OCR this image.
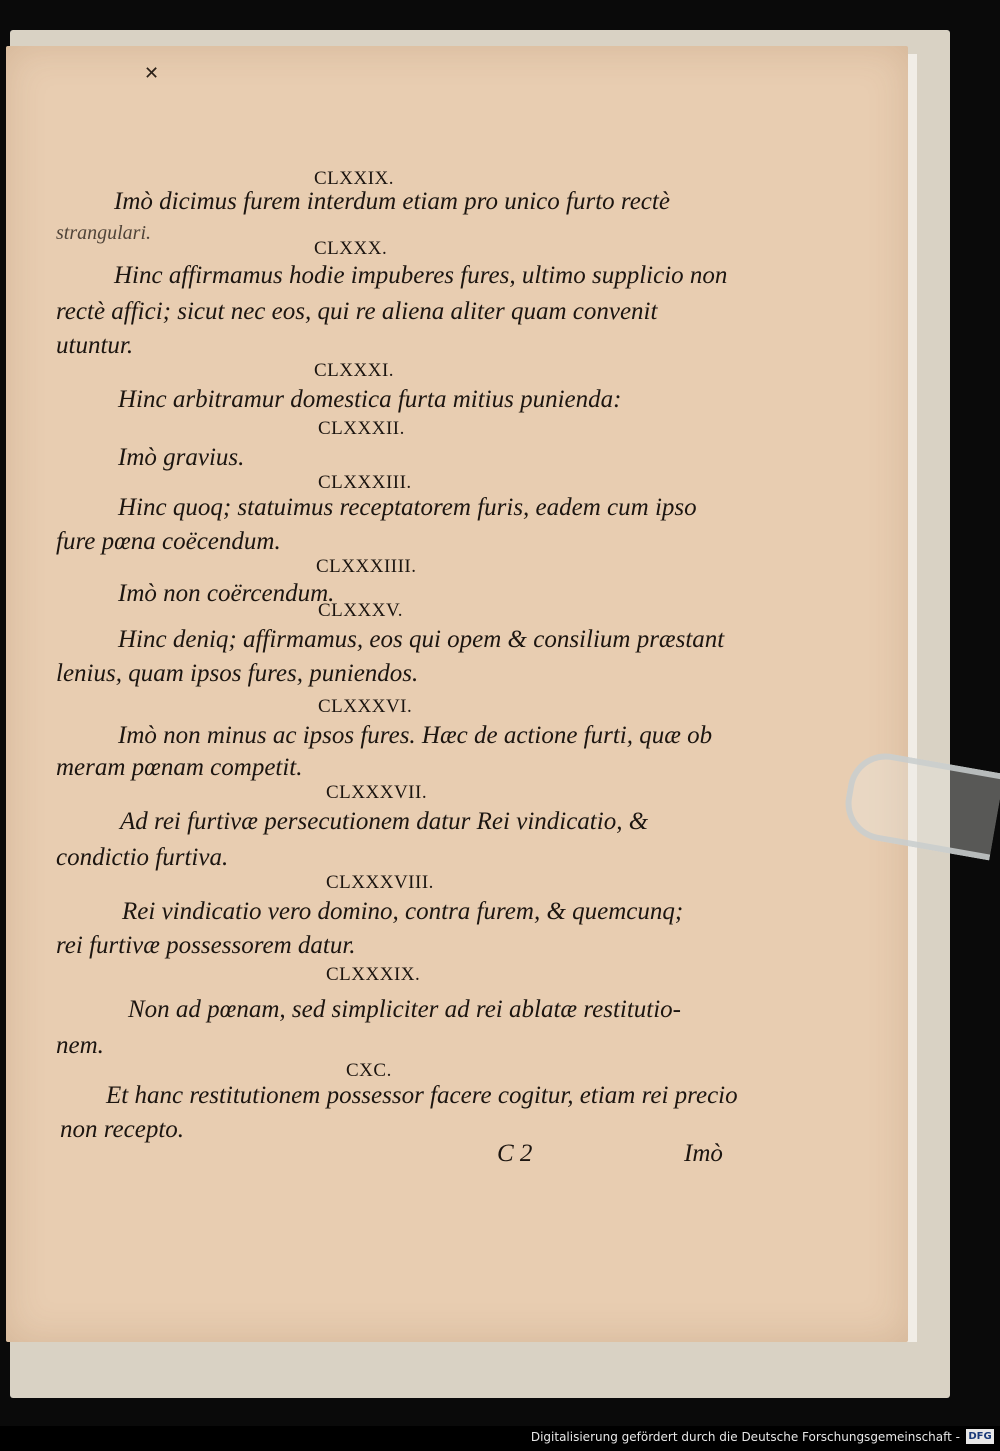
✕
CLXXIX.
Imò dicimus furem interdum etiam pro unico furto rectè
strangulari.
CLXXX.
Hinc affirmamus hodie impuberes fures, ultimo supplicio non
rectè affici; sicut nec eos, qui re aliena aliter quam convenit
utuntur.
CLXXXI.
Hinc arbitramur domestica furta mitius punienda:
CLXXXII.
Imò gravius.
CLXXXIII.
Hinc quoq; statuimus receptatorem furis, eadem cum ipso
fure pœna coëcendum.
CLXXXIIII.
Imò non coërcendum.
CLXXXV.
Hinc deniq; affirmamus, eos qui opem & consilium præstant
lenius, quam ipsos fures, puniendos.
CLXXXVI.
Imò non minus ac ipsos fures. Hæc de actione furti, quæ ob
meram pœnam competit.
CLXXXVII.
Ad rei furtivæ persecutionem datur Rei vindicatio, &
condictio furtiva.
CLXXXVIII.
Rei vindicatio vero domino, contra furem, & quemcunq;
rei furtivæ possessorem datur.
CLXXXIX.
Non ad pœnam, sed simpliciter ad rei ablatæ restitutio-
nem.
CXC.
Et hanc restitutionem possessor facere cogitur, etiam rei precio
non recepto.
C 2	Imò
Digitalisierung gefördert durch die Deutsche Forschungsgemeinschaft - DFG
